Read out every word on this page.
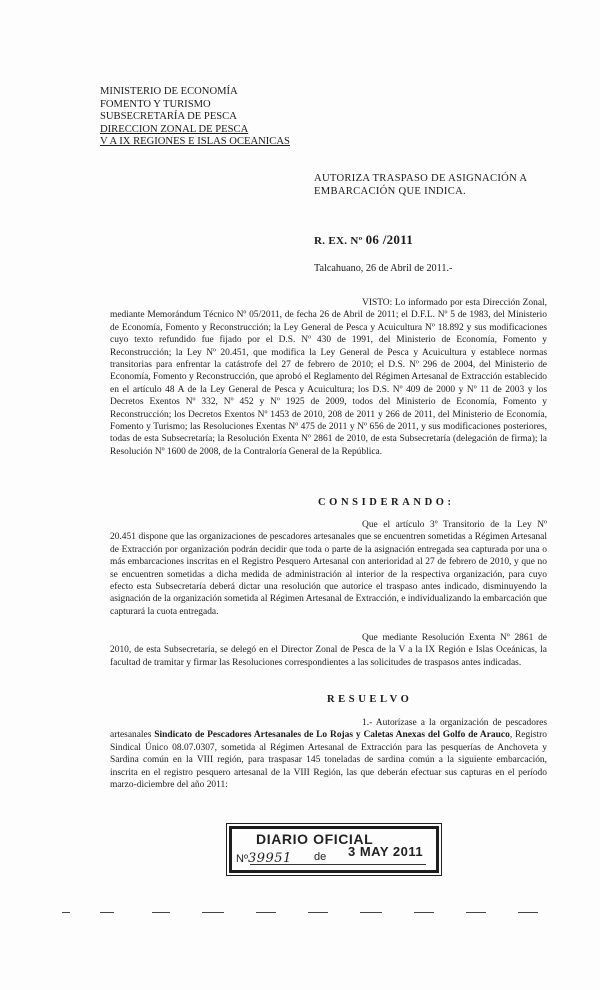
MINISTERIO DE ECONOMÍA
FOMENTO Y TURISMO
SUBSECRETARÍA DE PESCA
DIRECCION ZONAL DE PESCA
V A IX REGIONES E ISLAS OCEANICAS
AUTORIZA TRASPASO DE ASIGNACIÓN A EMBARCACIÓN QUE INDICA.
R. EX. Nº 06 /2011
Talcahuano, 26 de Abril de 2011.-
VISTO: Lo informado por esta Dirección Zonal, mediante Memorándum Técnico Nº 05/2011, de fecha 26 de Abril de 2011; el D.F.L. Nº 5 de 1983, del Ministerio de Economía, Fomento y Reconstrucción; la Ley General de Pesca y Acuicultura Nº 18.892 y sus modificaciones cuyo texto refundido fue fijado por el D.S. Nº 430 de 1991, del Ministerio de Economía, Fomento y Reconstrucción; la Ley Nº 20.451, que modifica la Ley General de Pesca y Acuicultura y establece normas transitorias para enfrentar la catástrofe del 27 de febrero de 2010; el D.S. Nº 296 de 2004, del Ministerio de Economía, Fomento y Reconstrucción, que aprobó el Reglamento del Régimen Artesanal de Extracción establecido en el artículo 48 A de la Ley General de Pesca y Acuicultura; los D.S. Nº 409 de 2000 y Nº 11 de 2003 y los Decretos Exentos Nº 332, Nº 452 y Nº 1925 de 2009, todos del Ministerio de Economía, Fomento y Reconstrucción; los Decretos Exentos Nº 1453 de 2010, 208 de 2011 y 266 de 2011, del Ministerio de Economía, Fomento y Turismo; las Resoluciones Exentas Nº 475 de 2011 y Nº 656 de 2011, y sus modificaciones posteriores, todas de esta Subsecretaría; la Resolución Exenta Nº 2861 de 2010, de esta Subsecretaría (delegación de firma); la Resolución Nº 1600 de 2008, de la Contraloría General de la República.
CONSIDERANDO:
Que el artículo 3º Transitorio de la Ley Nº 20.451 dispone que las organizaciones de pescadores artesanales que se encuentren sometidas a Régimen Artesanal de Extracción por organización podrán decidir que toda o parte de la asignación entregada sea capturada por una o más embarcaciones inscritas en el Registro Pesquero Artesanal con anterioridad al 27 de febrero de 2010, y que no se encuentren sometidas a dicha medida de administración al interior de la respectiva organización, para cuyo efecto esta Subsecretaría deberá dictar una resolución que autorice el traspaso antes indicado, disminuyendo la asignación de la organización sometida al Régimen Artesanal de Extracción, e individualizando la embarcación que capturará la cuota entregada.
Que mediante Resolución Exenta Nº 2861 de 2010, de esta Subsecretaría, se delegó en el Director Zonal de Pesca de la V a la IX Región e Islas Oceánicas, la facultad de tramitar y firmar las Resoluciones correspondientes a las solicitudes de traspasos antes indicadas.
RESUELVO
1.- Autorízase a la organización de pescadores artesanales Sindicato de Pescadores Artesanales de Lo Rojas y Caletas Anexas del Golfo de Arauco, Registro Sindical Único 08.07.0307, sometida al Régimen Artesanal de Extracción para las pesquerías de Anchoveta y Sardina común en la VIII región, para traspasar 145 toneladas de sardina común a la siguiente embarcación, inscrita en el registro pesquero artesanal de la VIII Región, las que deberán efectuar sus capturas en el período marzo-diciembre del año 2011:
DIARIO OFICIAL
Nº39951 de 3 MAY 2011
